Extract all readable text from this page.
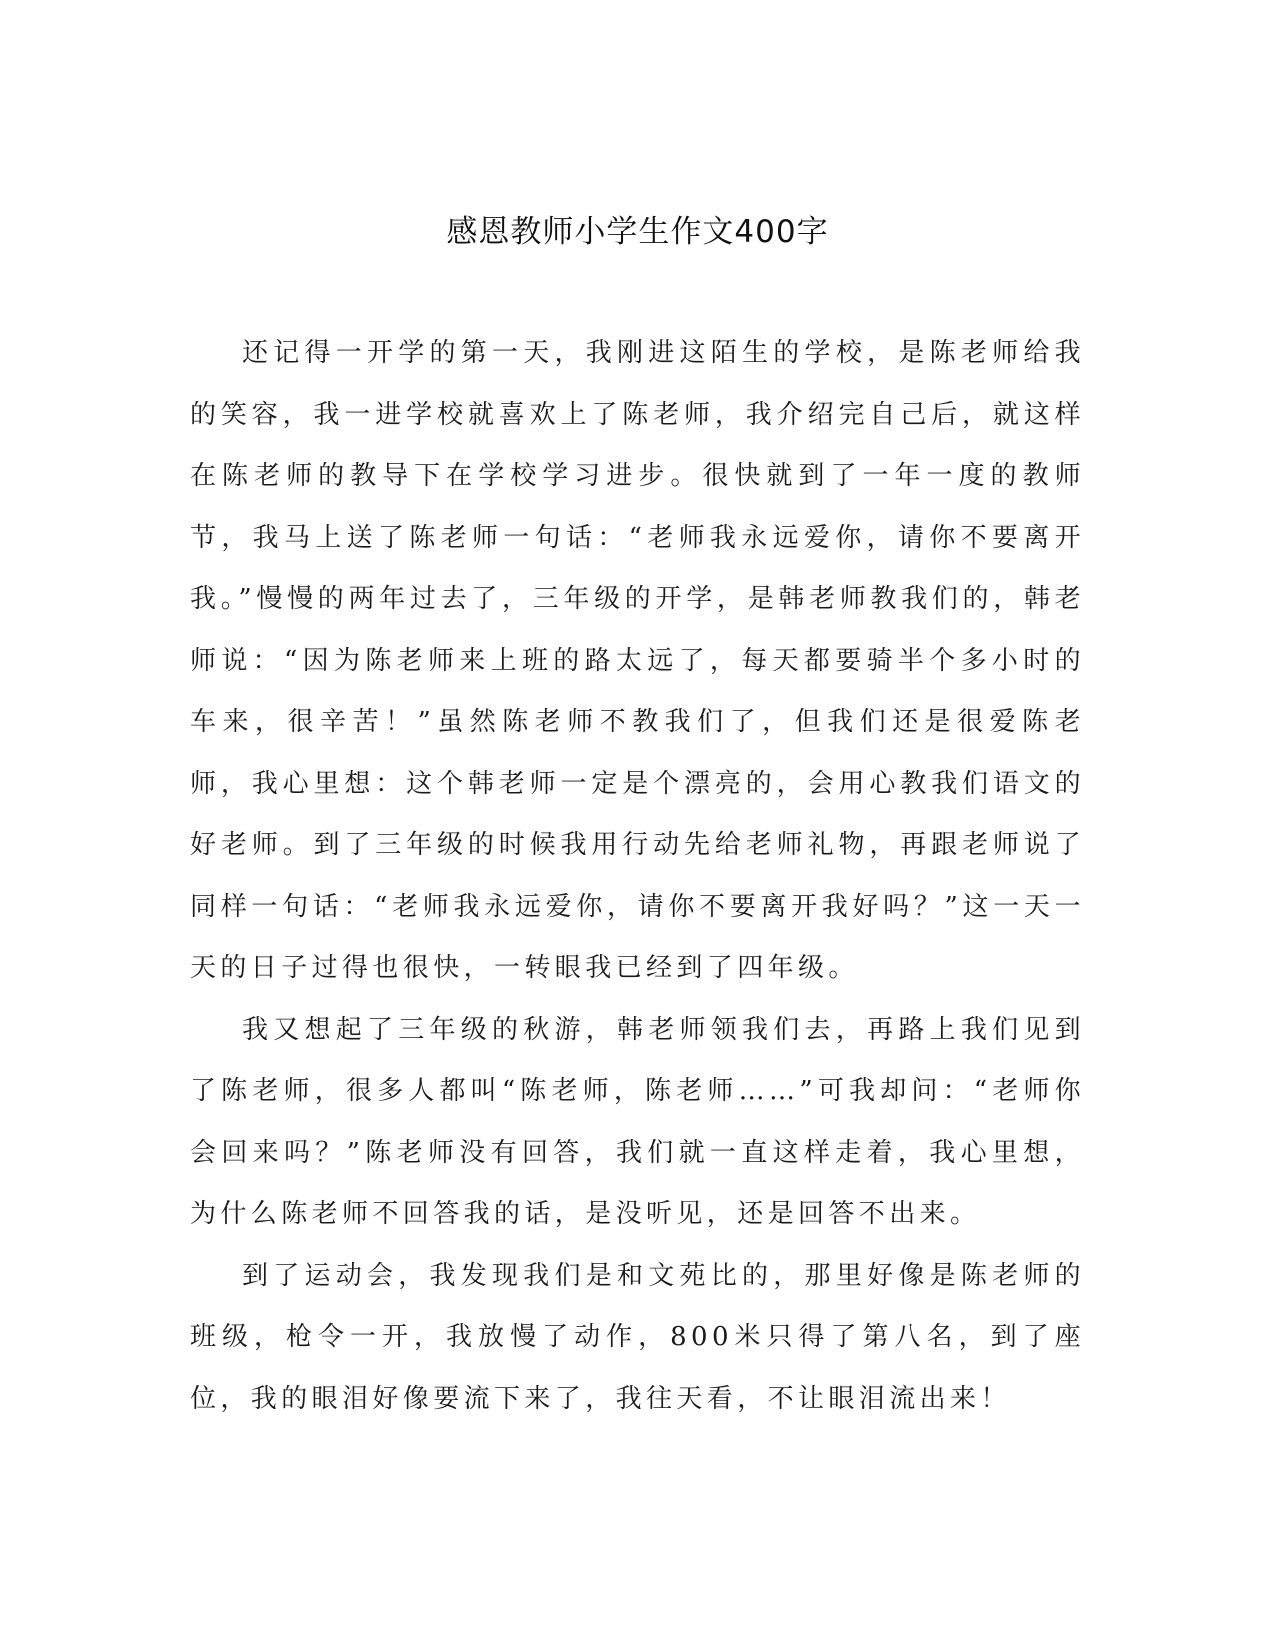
感恩教师小学生作文400字

还记得一开学的第一天，我刚进这陌生的学校，是陈老师给我的笑容，我一进学校就喜欢上了陈老师，我介绍完自己后，就这样在陈老师的教导下在学校学习进步。很快就到了一年一度的教师节，我马上送了陈老师一句话：“老师我永远爱你，请你不要离开我。”慢慢的两年过去了，三年级的开学，是韩老师教我们的，韩老师说：“因为陈老师来上班的路太远了，每天都要骑半个多小时的车来，很辛苦！”虽然陈老师不教我们了，但我们还是很爱陈老师，我心里想：这个韩老师一定是个漂亮的，会用心教我们语文的好老师。到了三年级的时候我用行动先给老师礼物，再跟老师说了同样一句话：“老师我永远爱你，请你不要离开我好吗？”这一天一天的日子过得也很快，一转眼我已经到了四年级。

我又想起了三年级的秋游，韩老师领我们去，再路上我们见到了陈老师，很多人都叫“陈老师，陈老师……”可我却问：“老师你会回来吗？”陈老师没有回答，我们就一直这样走着，我心里想，为什么陈老师不回答我的话，是没听见，还是回答不出来。

到了运动会，我发现我们是和文苑比的，那里好像是陈老师的班级，枪令一开，我放慢了动作，800米只得了第八名，到了座位，我的眼泪好像要流下来了，我往天看，不让眼泪流出来！
